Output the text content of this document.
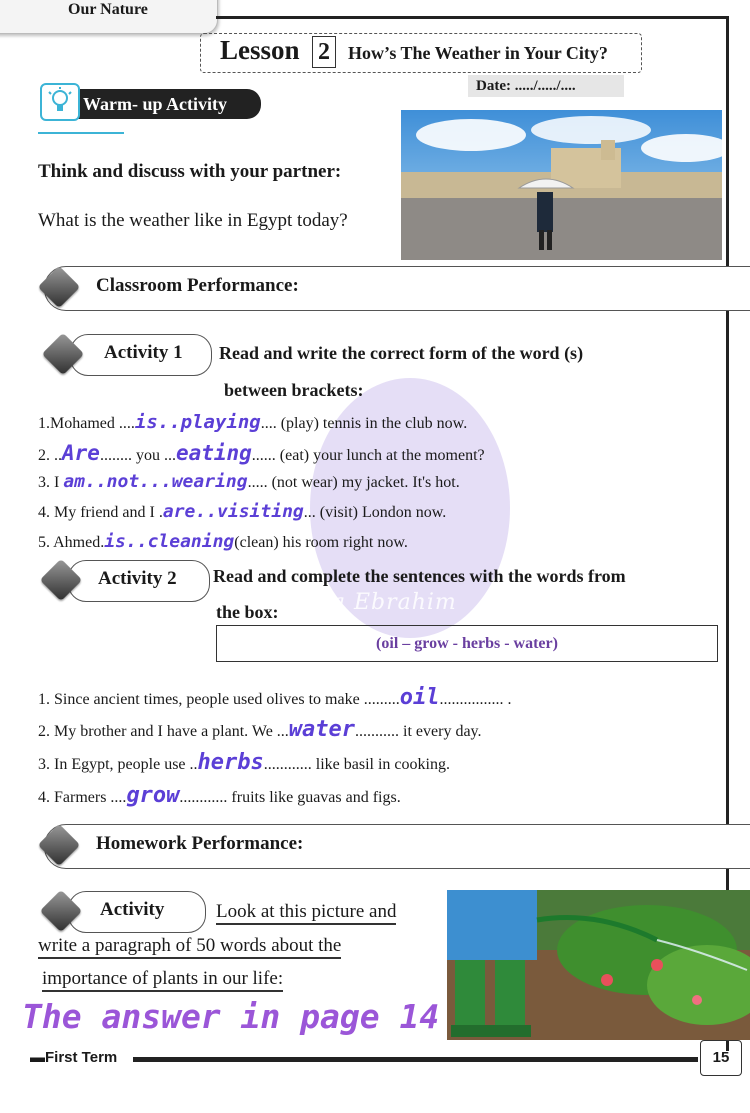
Our Nature
Lesson 2	How’s The Weather in Your City?
Date: ...../...../....
Dina Ebrahim
Warm- up Activity
Think and discuss with your partner:
What is the weather like in Egypt today?
Classroom Performance:
Activity 1 Read and write the correct form of the word (s)
between brackets:
1.Mohamed ....is..playing.... (play) tennis in the club now.
2. ..Are........ you ...eating...... (eat) your lunch at the moment?
3. I am..not...wearing..... (not wear) my jacket. It's hot.
4. My friend and I .are..visiting... (visit) London now.
5. Ahmed.is..cleaning(clean) his room right now.
Activity 2 Read and complete the sentences with the words from
the box:
(oil – grow - herbs - water)
1. Since ancient times, people used olives to make .........oil................ .
2. My brother and I have a plant. We ...water........... it every day.
3. In Egypt, people use ..herbs............ like basil in cooking.
4. Farmers ....grow............ fruits like guavas and figs.
Homework Performance:
Activity	Look at this picture and
write a paragraph of 50 words about the
importance of plants in our life:
The answer in page 14
▬First Term	15
